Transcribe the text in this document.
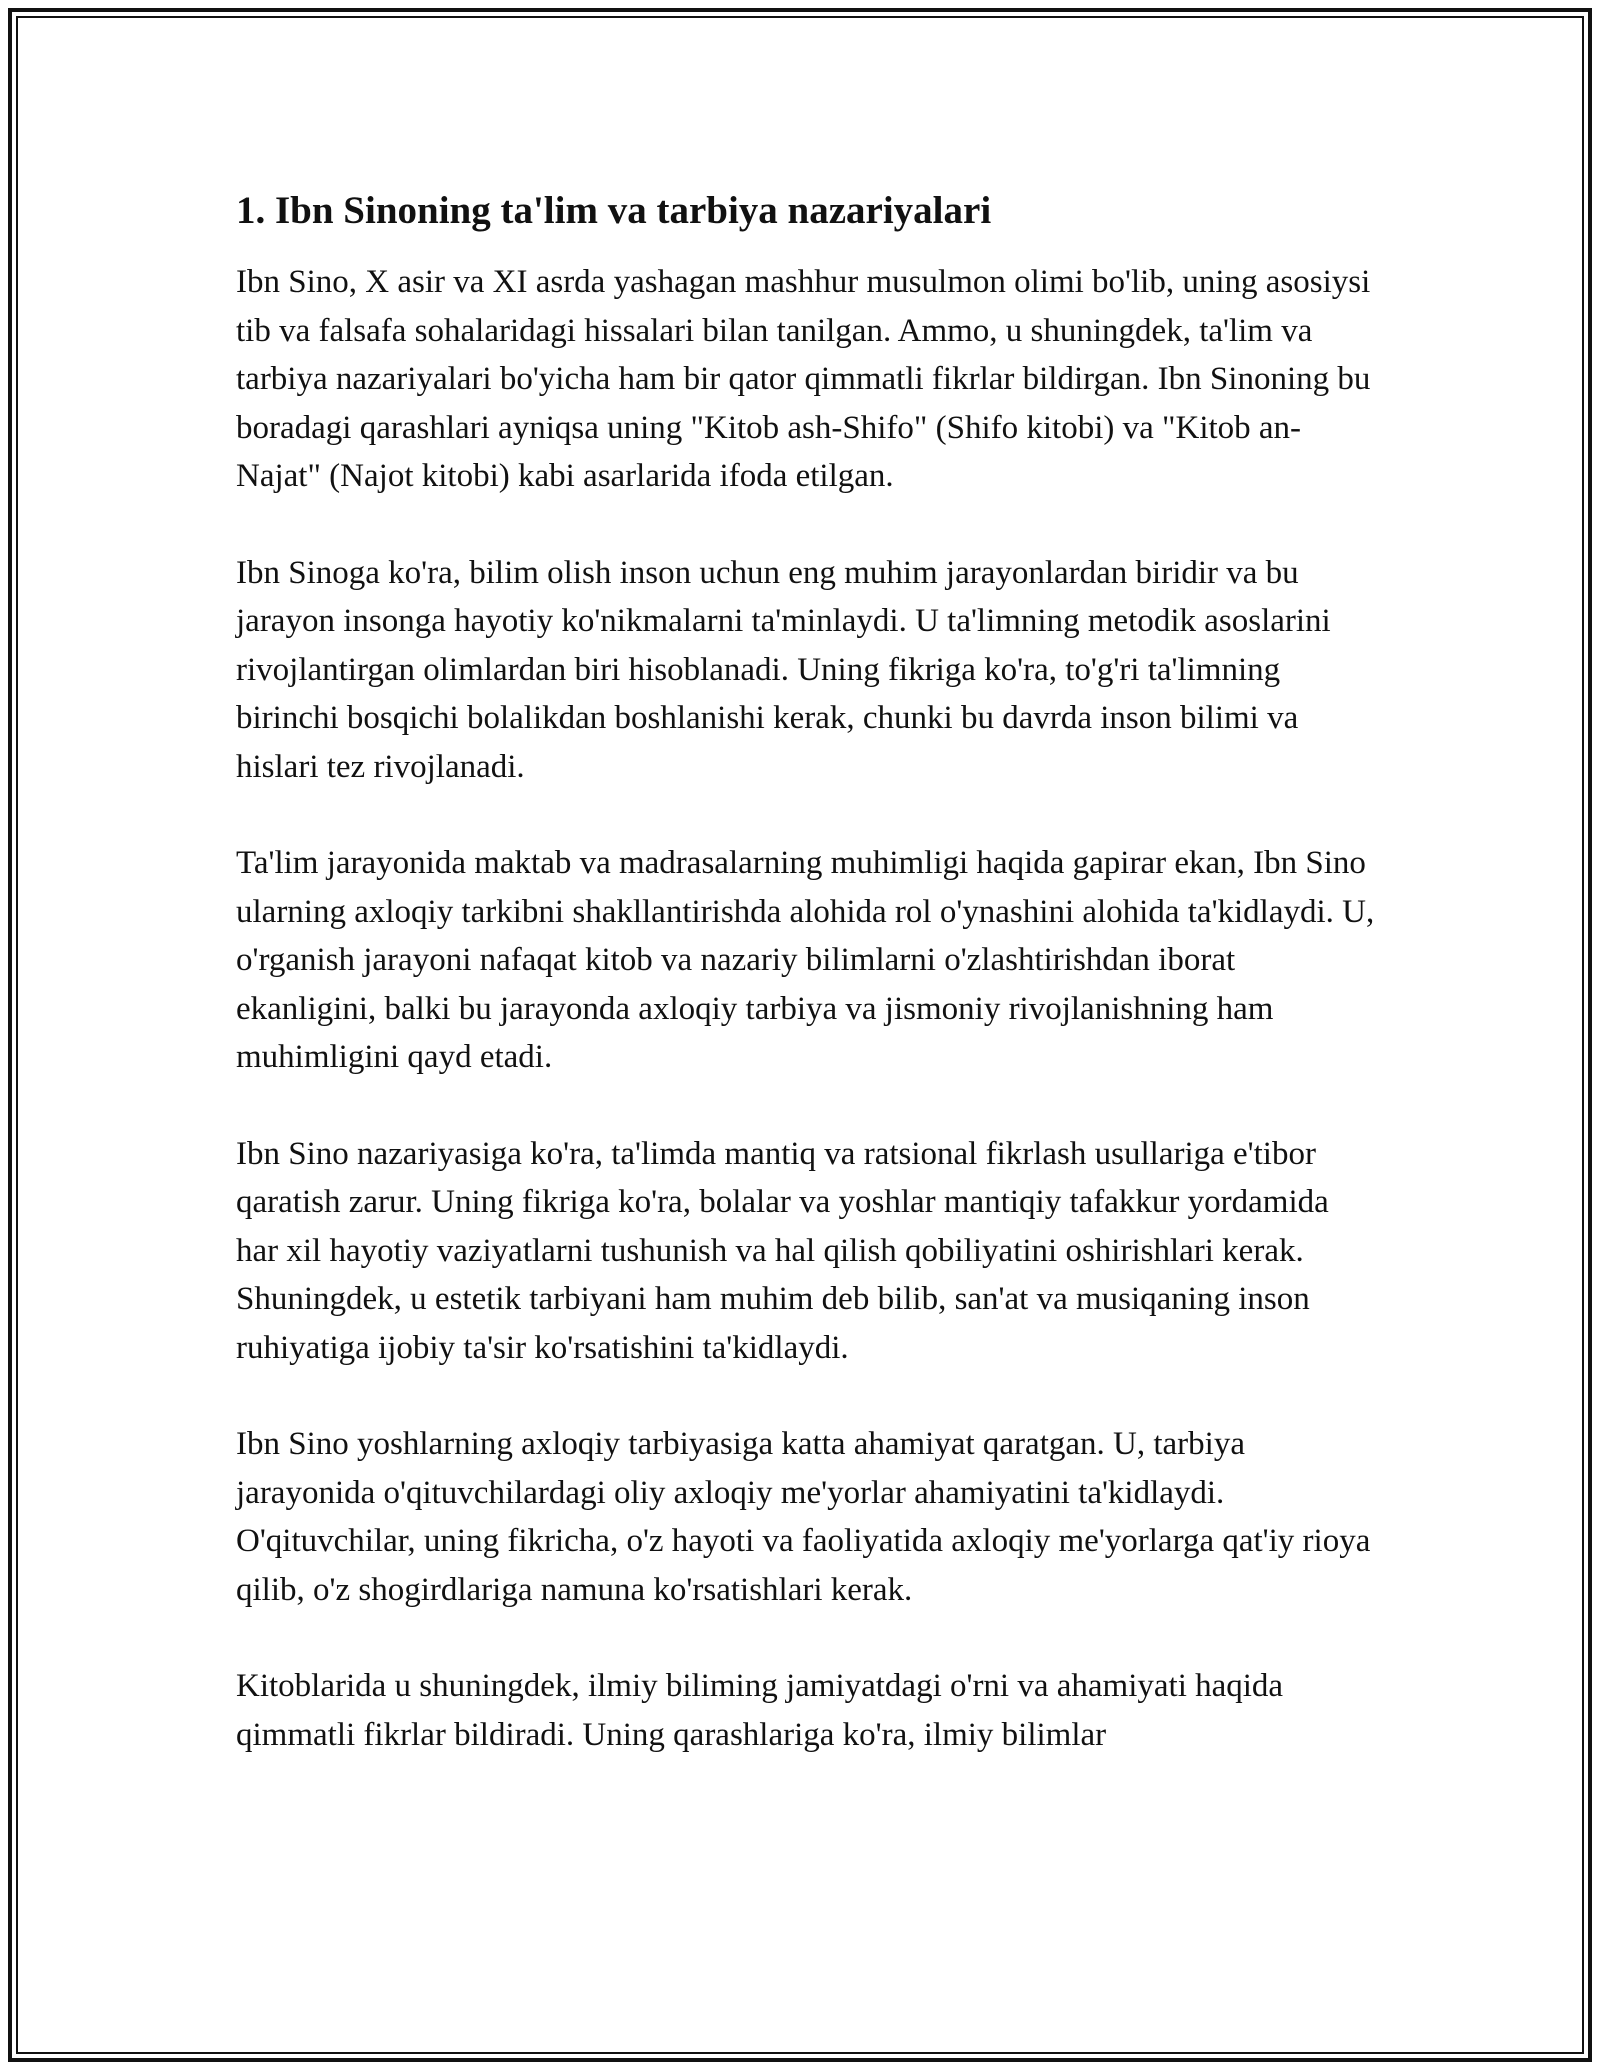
1. Ibn Sinoning ta'lim va tarbiya nazariyalari

Ibn Sino, X asir va XI asrda yashagan mashhur musulmon olimi bo'lib, uning asosiysi tib va falsafa sohalaridagi hissalari bilan tanilgan. Ammo, u shuningdek, ta'lim va tarbiya nazariyalari bo'yicha ham bir qator qimmatli fikrlar bildirgan. Ibn Sinoning bu boradagi qarashlari ayniqsa uning "Kitob ash-Shifo" (Shifo kitobi) va "Kitob an-Najat" (Najot kitobi) kabi asarlarida ifoda etilgan.

Ibn Sinoga ko'ra, bilim olish inson uchun eng muhim jarayonlardan biridir va bu jarayon insonga hayotiy ko'nikmalarni ta'minlaydi. U ta'limning metodik asoslarini rivojlantirgan olimlardan biri hisoblanadi. Uning fikriga ko'ra, to'g'ri ta'limning birinchi bosqichi bolalikdan boshlanishi kerak, chunki bu davrda inson bilimi va hislari tez rivojlanadi.

Ta'lim jarayonida maktab va madrasalarning muhimligi haqida gapirar ekan, Ibn Sino ularning axloqiy tarkibni shakllantirishda alohida rol o'ynashini alohida ta'kidlaydi. U, o'rganish jarayoni nafaqat kitob va nazariy bilimlarni o'zlashtirishdan iborat ekanligini, balki bu jarayonda axloqiy tarbiya va jismoniy rivojlanishning ham muhimligini qayd etadi.

Ibn Sino nazariyasiga ko'ra, ta'limda mantiq va ratsional fikrlash usullariga e'tibor qaratish zarur. Uning fikriga ko'ra, bolalar va yoshlar mantiqiy tafakkur yordamida har xil hayotiy vaziyatlarni tushunish va hal qilish qobiliyatini oshirishlari kerak. Shuningdek, u estetik tarbiyani ham muhim deb bilib, san'at va musiqaning inson ruhiyatiga ijobiy ta'sir ko'rsatishini ta'kidlaydi.

Ibn Sino yoshlarning axloqiy tarbiyasiga katta ahamiyat qaratgan. U, tarbiya jarayonida o'qituvchilardagi oliy axloqiy me'yorlar ahamiyatini ta'kidlaydi. O'qituvchilar, uning fikricha, o'z hayoti va faoliyatida axloqiy me'yorlarga qat'iy rioya qilib, o'z shogirdlariga namuna ko'rsatishlari kerak.

Kitoblarida u shuningdek, ilmiy biliming jamiyatdagi o'rni va ahamiyati haqida qimmatli fikrlar bildiradi. Uning qarashlariga ko'ra, ilmiy bilimlar
